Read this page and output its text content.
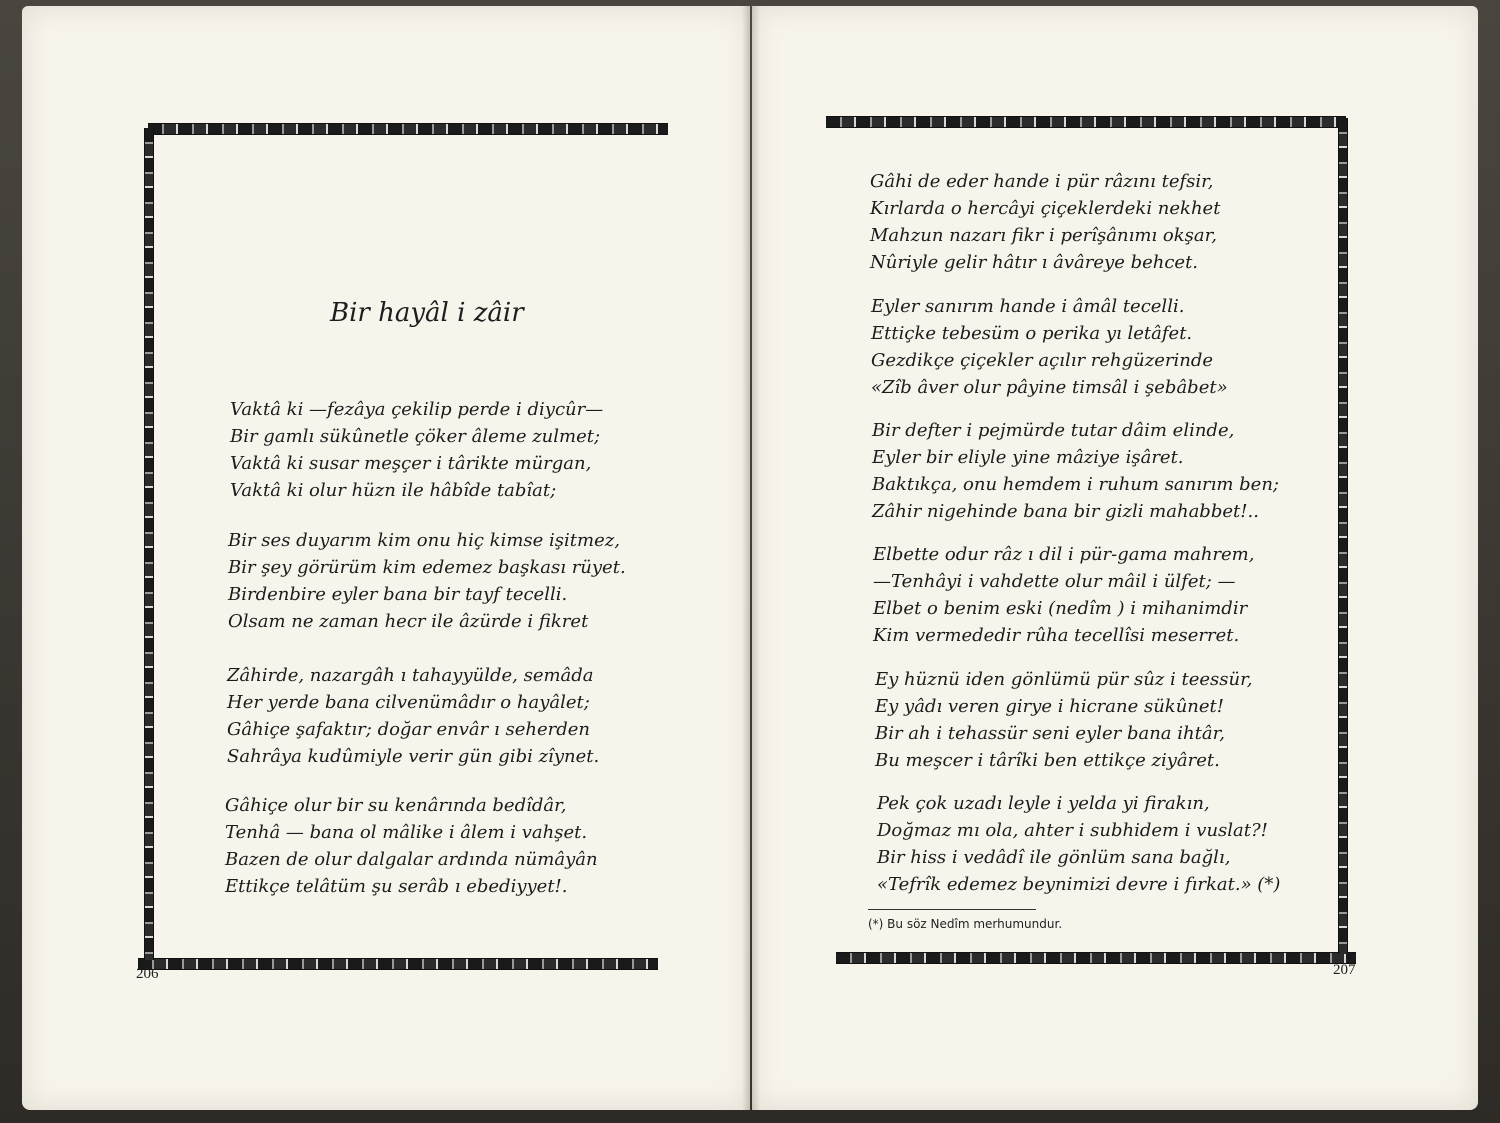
Bir hayâl i zâir
Vaktâ ki —fezâya çekilip perde i diycûr—
Bir gamlı sükûnetle çöker âleme zulmet;
Vaktâ ki susar meşçer i târikte mürgan,
Vaktâ ki olur hüzn ile hâbîde tabîat;
Bir ses duyarım kim onu hiç kimse işitmez,
Bir şey görürüm kim edemez başkası rüyet.
Birdenbire eyler bana bir tayf tecelli.
Olsam ne zaman hecr ile âzürde i fikret
Zâhirde, nazargâh ı tahayyülde, semâda
Her yerde bana cilvenümâdır o hayâlet;
Gâhiçe şafaktır; doğar envâr ı seherden
Sahrâya kudûmiyle verir gün gibi zîynet.
Gâhiçe olur bir su kenârında bedîdâr,
Tenhâ — bana ol mâlike i âlem i vahşet.
Bazen de olur dalgalar ardında nümâyân
Ettikçe telâtüm şu serâb ı ebediyyet!.
206
Gâhi de eder hande i pür râzını tefsir,
Kırlarda o hercâyi çiçeklerdeki nekhet
Mahzun nazarı fikr i perîşânımı okşar,
Nûriyle gelir hâtır ı âvâreye behcet.
Eyler sanırım hande i âmâl tecelli.
Ettiçke tebesüm o perika yı letâfet.
Gezdikçe çiçekler açılır rehgüzerinde
«Zîb âver olur pâyine timsâl i şebâbet»
Bir defter i pejmürde tutar dâim elinde,
Eyler bir eliyle yine mâziye işâret.
Baktıkça, onu hemdem i ruhum sanırım ben;
Zâhir nigehinde bana bir gizli mahabbet!..
Elbette odur râz ı dil i pür-gama mahrem,
—Tenhâyi i vahdette olur mâil i ülfet; —
Elbet o benim eski (nedîm ) i mihanimdir
Kim vermededir rûha tecellîsi meserret.
Ey hüznü iden gönlümü pür sûz i teessür,
Ey yâdı veren girye i hicrane sükûnet!
Bir ah i tehassür seni eyler bana ihtâr,
Bu meşcer i târîki ben ettikçe ziyâret.
Pek çok uzadı leyle i yelda yi firakın,
Doğmaz mı ola, ahter i subhidem i vuslat?!
Bir hiss i vedâdî ile gönlüm sana bağlı,
«Tefrîk edemez beynimizi devre i fırkat.» (*)
(*) Bu söz Nedîm merhumundur.
207
